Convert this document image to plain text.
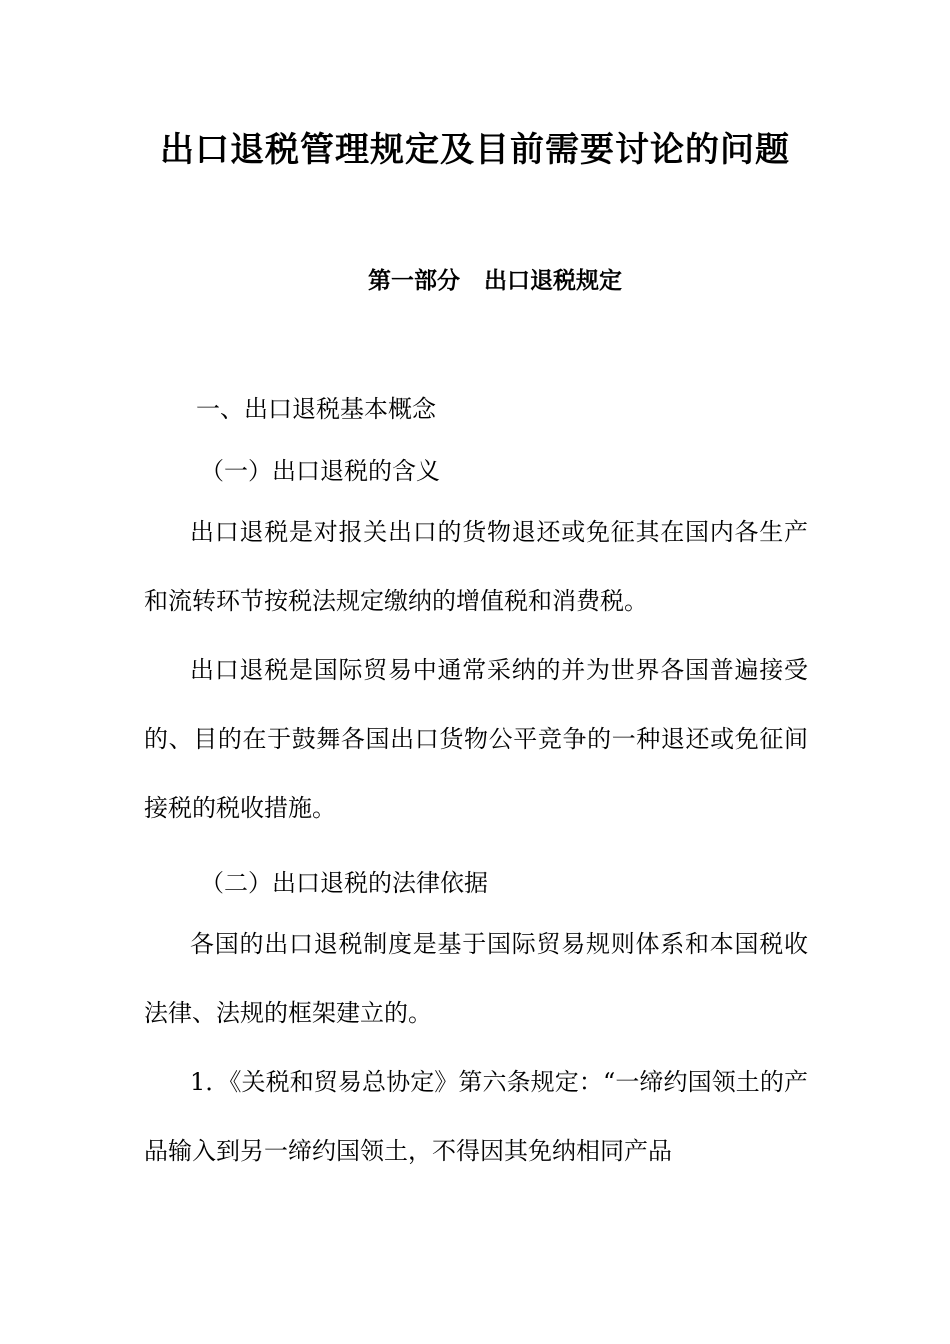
出口退税管理规定及目前需要讨论的问题
第一部分   出口退税规定
一、出口退税基本概念
（一）出口退税的含义

出口退税是对报关出口的货物退还或免征其在国内各生产和流转环节按税法规定缴纳的增值税和消费税。

出口退税是国际贸易中通常采纳的并为世界各国普遍接受的、目的在于鼓舞各国出口货物公平竞争的一种退还或免征间接税的税收措施。

（二）出口退税的法律依据

各国的出口退税制度是基于国际贸易规则体系和本国税收法律、法规的框架建立的。

1．《关税和贸易总协定》第六条规定：“一缔约国领土的产品输入到另一缔约国领土，不得因其免纳相同产品
